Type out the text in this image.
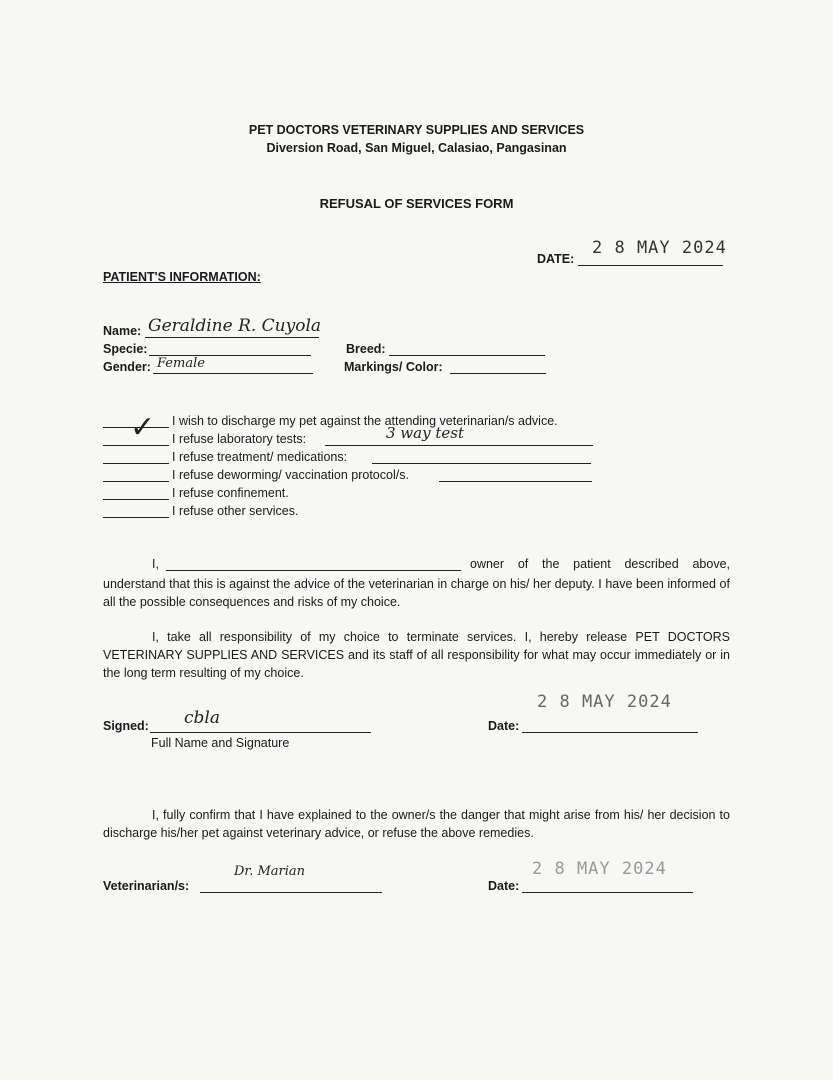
PET DOCTORS VETERINARY SUPPLIES AND SERVICES
Diversion Road, San Miguel, Calasiao, Pangasinan
REFUSAL OF SERVICES FORM
DATE:
2 8 MAY 2024
PATIENT'S INFORMATION:
Name: Geraldine R. Cuyola
Specie:
Gender: Female
Breed:
Markings/ Color:
I wish to discharge my pet against the attending veterinarian/s advice.
✓ I refuse laboratory tests:	3 way test
I refuse treatment/ medications:
I refuse deworming/ vaccination protocol/s.
I refuse confinement.
I refuse other services.
I,	owner of the patient described above,
understand that this is against the advice of the veterinarian in charge on his/ her deputy. I have been informed of all the possible consequences and risks of my choice.
I, take all responsibility of my choice to terminate services. I, hereby release PET DOCTORS VETERINARY SUPPLIES AND SERVICES and its staff of all responsibility for what may occur immediately or in the long term resulting of my choice.
Signed: cbla
Full Name and Signature
Date:
2 8 MAY 2024
I, fully confirm that I have explained to the owner/s the danger that might arise from his/ her decision to discharge his/her pet against veterinary advice, or refuse the above remedies.
Veterinarian/s:
Dr. Marian
Date:
2 8 MAY 2024
